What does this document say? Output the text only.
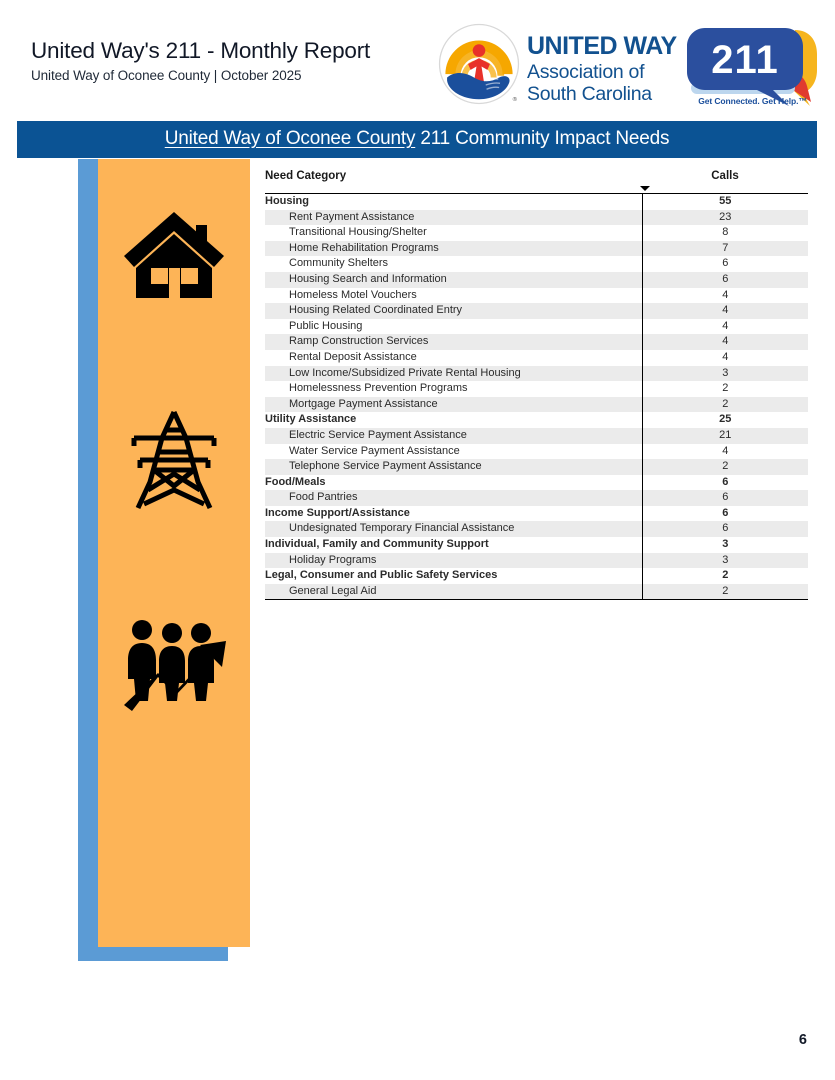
United Way's 211 - Monthly Report
United Way of Oconee County | October 2025
®
UNITED WAY
Association of
South Carolina
211
Get Connected. Get Help.™
United Way of Oconee County 211 Community Impact Needs
Need Category	Calls
Housing	55
Rent Payment Assistance	23
Transitional Housing/Shelter	8
Home Rehabilitation Programs	7
Community Shelters	6
Housing Search and Information	6
Homeless Motel Vouchers	4
Housing Related Coordinated Entry	4
Public Housing	4
Ramp Construction Services	4
Rental Deposit Assistance	4
Low Income/Subsidized Private Rental Housing	3
Homelessness Prevention Programs	2
Mortgage Payment Assistance	2
Utility Assistance	25
Electric Service Payment Assistance	21
Water Service Payment Assistance	4
Telephone Service Payment Assistance	2
Food/Meals	6
Food Pantries	6
Income Support/Assistance	6
Undesignated Temporary Financial Assistance	6
Individual, Family and Community Support	3
Holiday Programs	3
Legal, Consumer and Public Safety Services	2
General Legal Aid	2
6
